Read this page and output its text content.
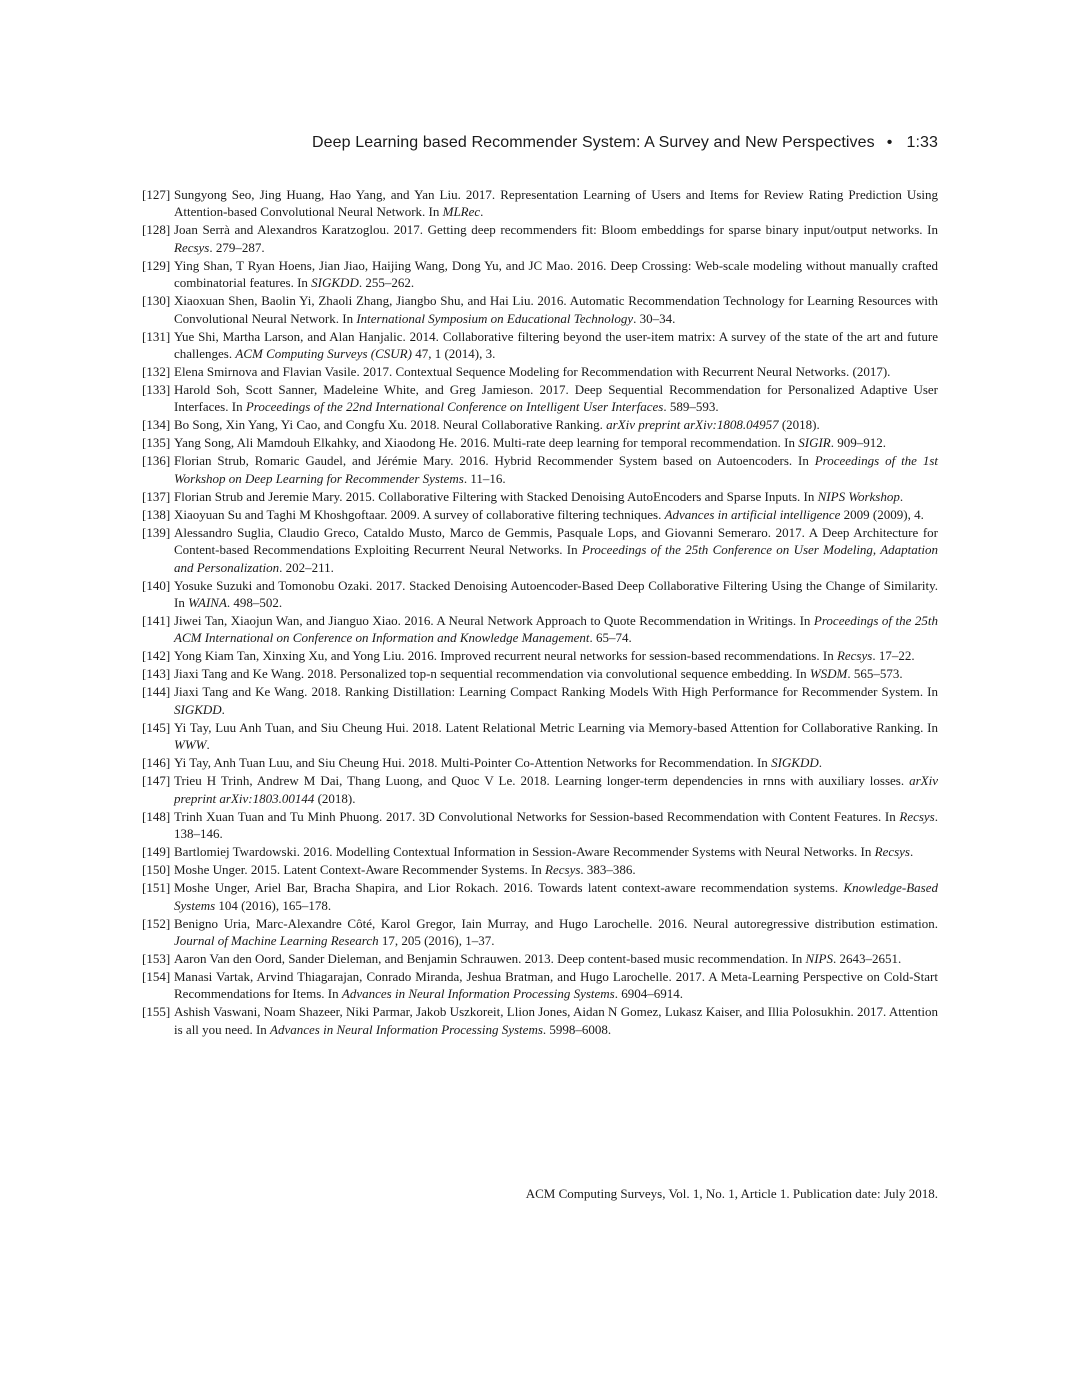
Deep Learning based Recommender System: A Survey and New Perspectives • 1:33
[127] Sungyong Seo, Jing Huang, Hao Yang, and Yan Liu. 2017. Representation Learning of Users and Items for Review Rating Prediction Using Attention-based Convolutional Neural Network. In MLRec.
[128] Joan Serrà and Alexandros Karatzoglou. 2017. Getting deep recommenders fit: Bloom embeddings for sparse binary input/output networks. In Recsys. 279–287.
[129] Ying Shan, T Ryan Hoens, Jian Jiao, Haijing Wang, Dong Yu, and JC Mao. 2016. Deep Crossing: Web-scale modeling without manually crafted combinatorial features. In SIGKDD. 255–262.
[130] Xiaoxuan Shen, Baolin Yi, Zhaoli Zhang, Jiangbo Shu, and Hai Liu. 2016. Automatic Recommendation Technology for Learning Resources with Convolutional Neural Network. In International Symposium on Educational Technology. 30–34.
[131] Yue Shi, Martha Larson, and Alan Hanjalic. 2014. Collaborative filtering beyond the user-item matrix: A survey of the state of the art and future challenges. ACM Computing Surveys (CSUR) 47, 1 (2014), 3.
[132] Elena Smirnova and Flavian Vasile. 2017. Contextual Sequence Modeling for Recommendation with Recurrent Neural Networks. (2017).
[133] Harold Soh, Scott Sanner, Madeleine White, and Greg Jamieson. 2017. Deep Sequential Recommendation for Personalized Adaptive User Interfaces. In Proceedings of the 22nd International Conference on Intelligent User Interfaces. 589–593.
[134] Bo Song, Xin Yang, Yi Cao, and Congfu Xu. 2018. Neural Collaborative Ranking. arXiv preprint arXiv:1808.04957 (2018).
[135] Yang Song, Ali Mamdouh Elkahky, and Xiaodong He. 2016. Multi-rate deep learning for temporal recommendation. In SIGIR. 909–912.
[136] Florian Strub, Romaric Gaudel, and Jérémie Mary. 2016. Hybrid Recommender System based on Autoencoders. In Proceedings of the 1st Workshop on Deep Learning for Recommender Systems. 11–16.
[137] Florian Strub and Jeremie Mary. 2015. Collaborative Filtering with Stacked Denoising AutoEncoders and Sparse Inputs. In NIPS Workshop.
[138] Xiaoyuan Su and Taghi M Khoshgoftaar. 2009. A survey of collaborative filtering techniques. Advances in artificial intelligence 2009 (2009), 4.
[139] Alessandro Suglia, Claudio Greco, Cataldo Musto, Marco de Gemmis, Pasquale Lops, and Giovanni Semeraro. 2017. A Deep Architecture for Content-based Recommendations Exploiting Recurrent Neural Networks. In Proceedings of the 25th Conference on User Modeling, Adaptation and Personalization. 202–211.
[140] Yosuke Suzuki and Tomonobu Ozaki. 2017. Stacked Denoising Autoencoder-Based Deep Collaborative Filtering Using the Change of Similarity. In WAINA. 498–502.
[141] Jiwei Tan, Xiaojun Wan, and Jianguo Xiao. 2016. A Neural Network Approach to Quote Recommendation in Writings. In Proceedings of the 25th ACM International on Conference on Information and Knowledge Management. 65–74.
[142] Yong Kiam Tan, Xinxing Xu, and Yong Liu. 2016. Improved recurrent neural networks for session-based recommendations. In Recsys. 17–22.
[143] Jiaxi Tang and Ke Wang. 2018. Personalized top-n sequential recommendation via convolutional sequence embedding. In WSDM. 565–573.
[144] Jiaxi Tang and Ke Wang. 2018. Ranking Distillation: Learning Compact Ranking Models With High Performance for Recommender System. In SIGKDD.
[145] Yi Tay, Luu Anh Tuan, and Siu Cheung Hui. 2018. Latent Relational Metric Learning via Memory-based Attention for Collaborative Ranking. In WWW.
[146] Yi Tay, Anh Tuan Luu, and Siu Cheung Hui. 2018. Multi-Pointer Co-Attention Networks for Recommendation. In SIGKDD.
[147] Trieu H Trinh, Andrew M Dai, Thang Luong, and Quoc V Le. 2018. Learning longer-term dependencies in rnns with auxiliary losses. arXiv preprint arXiv:1803.00144 (2018).
[148] Trinh Xuan Tuan and Tu Minh Phuong. 2017. 3D Convolutional Networks for Session-based Recommendation with Content Features. In Recsys. 138–146.
[149] Bartlomiej Twardowski. 2016. Modelling Contextual Information in Session-Aware Recommender Systems with Neural Networks. In Recsys.
[150] Moshe Unger. 2015. Latent Context-Aware Recommender Systems. In Recsys. 383–386.
[151] Moshe Unger, Ariel Bar, Bracha Shapira, and Lior Rokach. 2016. Towards latent context-aware recommendation systems. Knowledge-Based Systems 104 (2016), 165–178.
[152] Benigno Uria, Marc-Alexandre Côté, Karol Gregor, Iain Murray, and Hugo Larochelle. 2016. Neural autoregressive distribution estimation. Journal of Machine Learning Research 17, 205 (2016), 1–37.
[153] Aaron Van den Oord, Sander Dieleman, and Benjamin Schrauwen. 2013. Deep content-based music recommendation. In NIPS. 2643–2651.
[154] Manasi Vartak, Arvind Thiagarajan, Conrado Miranda, Jeshua Bratman, and Hugo Larochelle. 2017. A Meta-Learning Perspective on Cold-Start Recommendations for Items. In Advances in Neural Information Processing Systems. 6904–6914.
[155] Ashish Vaswani, Noam Shazeer, Niki Parmar, Jakob Uszkoreit, Llion Jones, Aidan N Gomez, Lukasz Kaiser, and Illia Polosukhin. 2017. Attention is all you need. In Advances in Neural Information Processing Systems. 5998–6008.
ACM Computing Surveys, Vol. 1, No. 1, Article 1. Publication date: July 2018.
